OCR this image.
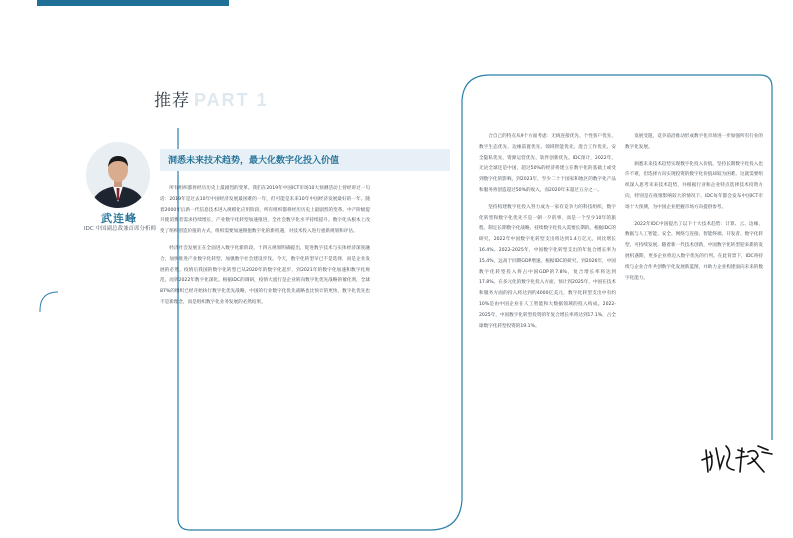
推荐 PART 1
武连峰
IDC 中国副总裁兼首席分析师
洞悉未来技术趋势，最大化数字化投入价值

所有组织都将经历历史上最剧烈的变革。我们在2019年中国ICT市场10大预测活动上曾经讲过一句话：2019年是过去10年中国经济发展最困难的一年，但可能是未来10年中国经济发展最好的一年。随着2000年后新一代信息技术进入规模化应用阶段，所有组织都将经历历史上最剧烈的变革。中产阶级提升使消费者需求持续增长，产业数字化转型加速推进，全社会数字化水平持续提升。数字化从根本上改变了组织创造价值的方式，组织需要加速拥抱数字化的新机遇，对技术投入进行重新规划和评估。

经济社会发展正在全面进入数字化新阶段。十四五规划明确提出，促进数字技术与实体经济深度融合，加快推进产业数字化转型，加强数字社会建设步伐。今天，数字化转型早已不是选择，而是企业发展的必然。疫情后我国的数字化转型已从2020年的数字化起步，到2021年的数字化加速和数字化规范，而到2022年数字化深化。根据IDC的调研，疫情大流行是企业转向数字化优先战略的催化剂，全球87%的组织已经开始执行数字化优先战略，中国的行业数字化优先战略也比预计的更快，数字化优先也不是新理念，而是组织数字化业务发展的必然结果。

合自己的特点从9个方面考虑：无线连接优先、个性客户优先、数字生态优先、边缘前置优先、领域智能优先、混合工作优先、安全隐私优先、资源运营优先、软件创新优先。IDC预计，2022年，无论全球还是中国，超过50%的经济将建立在数字化的基础上或受到数字化的影响。到2023年，至少二十个国家和地区的数字化产品和服务将创造超过50%的收入，而2020年末超过五分之一。

坚持构建数字化投入努力成为一家有竞争力的科技组织，数字化转型和数字化优先不是一朝一夕的事，而是一个至少10年的旅程，制定长期数字化战略，持续数字化投入需要长期的。根据IDC的研究，2022年中国数字化转型支出将达到1.4万亿元，同比增长16.4%。2022-2025年，中国数字化转型支出的年复合增长率为15.4%，远高于同期GDP增速。根据IDC的研究，到2026年，中国数字化转型投入将占中国GDP的7.8%，复合增长率将达到17.8%。在多元化的数字化投入方面，预计到2025年，中国在技术和服务方面的投入将达到约4000亿美元，数字化转型支出中有约10%是由中国企业在人工智能和大数据领域的投入构成。2022-2025年，中国数字化转型投资的年复合增长率将达到17.1%，占全球数字化转型投资的19.1%。

发展受阻，竞争前沿推动形成数字化市场进一步加强所有行业的数字化发展。

洞悉未来技术趋势实现数字化投入价值。坚持长期数字化投入也许不难，但选择方向实现投资的数字化价值却较为困难。这就需要组织深入思考未来技术趋势，并根据行业和企业特点选择技术投资方向，特别是在疫情影响较大的情况下。IDC每年都会发布中国ICT市场十大预测，为中国企业把握市场方向提供参考。

2022年IDC中国提出了以下十大技术趋势：计算、云、边缘、数据与人工智能、安全、网络与连接、智能终端、开发者、数字化转型、可持续发展。随着新一代技术创新，中国数字化转型迎来新的发展机遇期，更多企业将迈入数字优先的行列。在此背景下，IDC将持续与企业合作共创数字化发展新蓝图，并助力企业构建面向未来的数字化能力。
